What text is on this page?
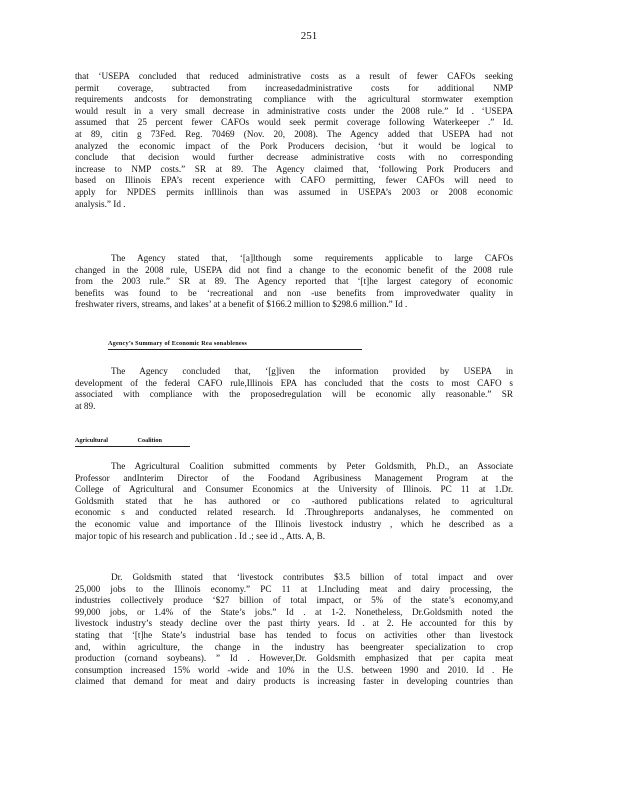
251
that ‘USEPA concluded that reduced administrative costs as a result of fewer CAFOs seeking
permit coverage, subtracted from increasedadministrative costs for additional NMP
requirements andcosts for demonstrating compliance with the agricultural stormwater exemption
would result in a very small decrease in administrative costs under the 2008 rule.” Id . ‘USEPA
assumed that 25 percent fewer CAFOs would seek permit coverage following Waterkeeper .” Id.
at 89, citin g 73Fed. Reg. 70469 (Nov. 20, 2008). The Agency added that USEPA had not
analyzed the economic impact of the Pork Producers decision, ‘but it would be logical to
conclude that decision would further decrease administrative costs with no corresponding
increase to NMP costs.” SR at 89. The Agency claimed that, ‘following Pork Producers and
based on Illinois EPA’s recent experience with CAFO permitting, fewer CAFOs will need to
apply for NPDES permits inIllinois than was assumed in USEPA’s 2003 or 2008 economic
analysis.” Id .
The Agency stated that, ‘[a]lthough some requirements applicable to large CAFOs
changed in the 2008 rule, USEPA did not find a change to the economic benefit of the 2008 rule
from the 2003 rule.” SR at 89. The Agency reported that ‘[t]he largest category of economic
benefits was found to be ‘recreational and non -use benefits from improvedwater quality in
freshwater rivers, streams, and lakes’ at a benefit of $166.2 million to $298.6 million.” Id .
Agency’s Summary of Economic Rea sonableness
The Agency concluded that, ‘[g]iven the information provided by USEPA in
development of the federal CAFO rule,Illinois EPA has concluded that the costs to most CAFO s
associated with compliance with the proposedregulation will be economic ally reasonable.” SR
at 89.
Agricultural Coalition
The Agricultural Coalition submitted comments by Peter Goldsmith, Ph.D., an Associate
Professor andInterim Director of the Foodand Agribusiness Management Program at the
College of Agricultural and Consumer Economics at the University of Illinois. PC 11 at 1.Dr.
Goldsmith stated that he has authored or co -authored publications related to agricultural
economic s and conducted related research. Id .Throughreports andanalyses, he commented on
the economic value and importance of the Illinois livestock industry , which he described as a
major topic of his research and publication . Id .; see id ., Atts. A, B.
Dr. Goldsmith stated that ‘livestock contributes $3.5 billion of total impact and over
25,000 jobs to the Illinois economy.” PC 11 at 1.Including meat and dairy processing, the
industries collectively produce ‘$27 billion of total impact, or 5% of the state’s economy,and
99,000 jobs, or 1.4% of the State’s jobs.” Id . at 1-2. Nonetheless, Dr.Goldsmith noted the
livestock industry’s steady decline over the past thirty years. Id . at 2. He accounted for this by
stating that ‘[t]he State’s industrial base has tended to focus on activities other than livestock
and, within agriculture, the change in the industry has beengreater specialization to crop
production (cornand soybeans). ” Id . However,Dr. Goldsmith emphasized that per capita meat
consumption increased 15% world -wide and 10% in the U.S. between 1990 and 2010. Id . He
claimed that demand for meat and dairy products is increasing faster in developing countries than
